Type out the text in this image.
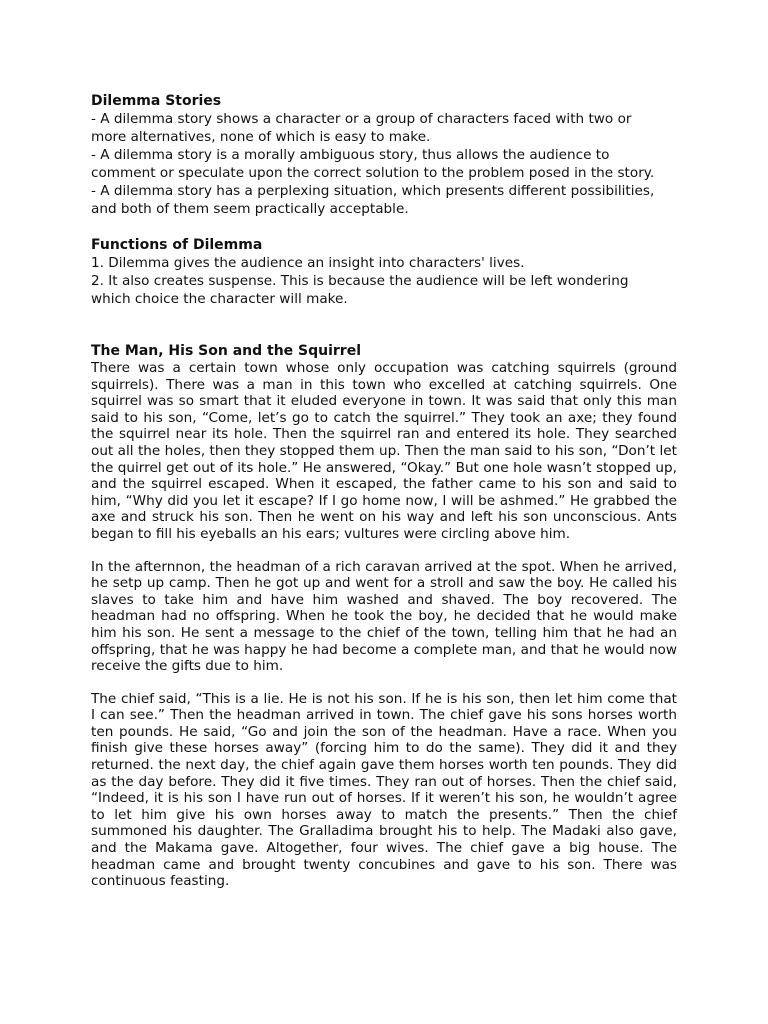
Dilemma Stories

- A dilemma story shows a character or a group of characters faced with two or

more alternatives, none of which is easy to make.

- A dilemma story is a morally ambiguous story, thus allows the audience to

comment or speculate upon the correct solution to the problem posed in the story.

- A dilemma story has a perplexing situation, which presents different possibilities,

and both of them seem practically acceptable.

Functions of Dilemma

1. Dilemma gives the audience an insight into characters' lives.

2. It also creates suspense. This is because the audience will be left wondering

which choice the character will make.

The Man, His Son and the Squirrel

There was a certain town whose only occupation was catching squirrels (ground squirrels). There was a man in this town who excelled at catching squirrels. One squirrel was so smart that it eluded everyone in town. It was said that only this man said to his son, “Come, let’s go to catch the squirrel.” They took an axe; they found the squirrel near its hole. Then the squirrel ran and entered its hole. They searched out all the holes, then they stopped them up. Then the man said to his son, “Don’t let the quirrel get out of its hole.” He answered, “Okay.” But one hole wasn’t stopped up, and the squirrel escaped. When it escaped, the father came to his son and said to him, “Why did you let it escape? If I go home now, I will be ashmed.” He grabbed the axe and struck his son. Then he went on his way and left his son unconscious. Ants began to fill his eyeballs an his ears; vultures were circling above him.

In the afternnon, the headman of a rich caravan arrived at the spot. When he arrived, he setp up camp. Then he got up and went for a stroll and saw the boy. He called his slaves to take him and have him washed and shaved. The boy recovered. The headman had no offspring. When he took the boy, he decided that he would make him his son. He sent a message to the chief of the town, telling him that he had an offspring, that he was happy he had become a complete man, and that he would now receive the gifts due to him.

The chief said, “This is a lie. He is not his son. If he is his son, then let him come that I can see.” Then the headman arrived in town. The chief gave his sons horses worth ten pounds. He said, “Go and join the son of the headman. Have a race. When you finish give these horses away” (forcing him to do the same). They did it and they returned. the next day, the chief again gave them horses worth ten pounds. They did as the day before. They did it five times. They ran out of horses. Then the chief said, “Indeed, it is his son I have run out of horses. If it weren’t his son, he wouldn’t agree to let him give his own horses away to match the presents.” Then the chief summoned his daughter. The Gralladima brought his to help. The Madaki also gave, and the Makama gave. Altogether, four wives. The chief gave a big house. The headman came and brought twenty concubines and gave to his son. There was continuous feasting.
